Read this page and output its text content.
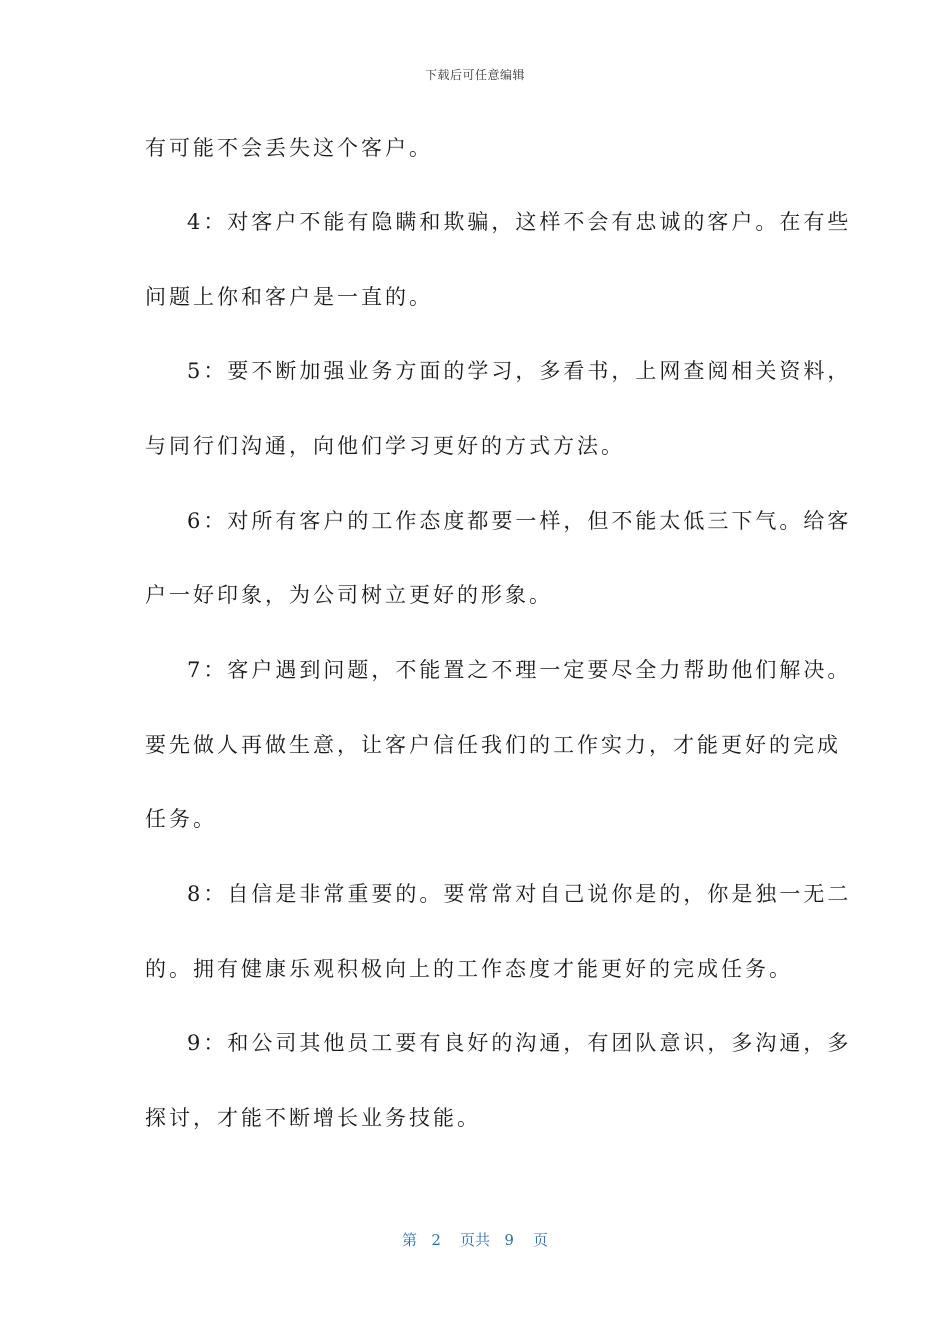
下载后可任意编辑
有可能不会丢失这个客户。
4：对客户不能有隐瞒和欺骗，这样不会有忠诚的客户。在有些
问题上你和客户是一直的。
5：要不断加强业务方面的学习，多看书，上网查阅相关资料，
与同行们沟通，向他们学习更好的方式方法。
6：对所有客户的工作态度都要一样，但不能太低三下气。给客
户一好印象，为公司树立更好的形象。
7：客户遇到问题，不能置之不理一定要尽全力帮助他们解决。
要先做人再做生意，让客户信任我们的工作实力，才能更好的完成
任务。
8：自信是非常重要的。要常常对自己说你是的，你是独一无二
的。拥有健康乐观积极向上的工作态度才能更好的完成任务。
9：和公司其他员工要有良好的沟通，有团队意识，多沟通，多
探讨，才能不断增长业务技能。
第 2 页共 9 页
